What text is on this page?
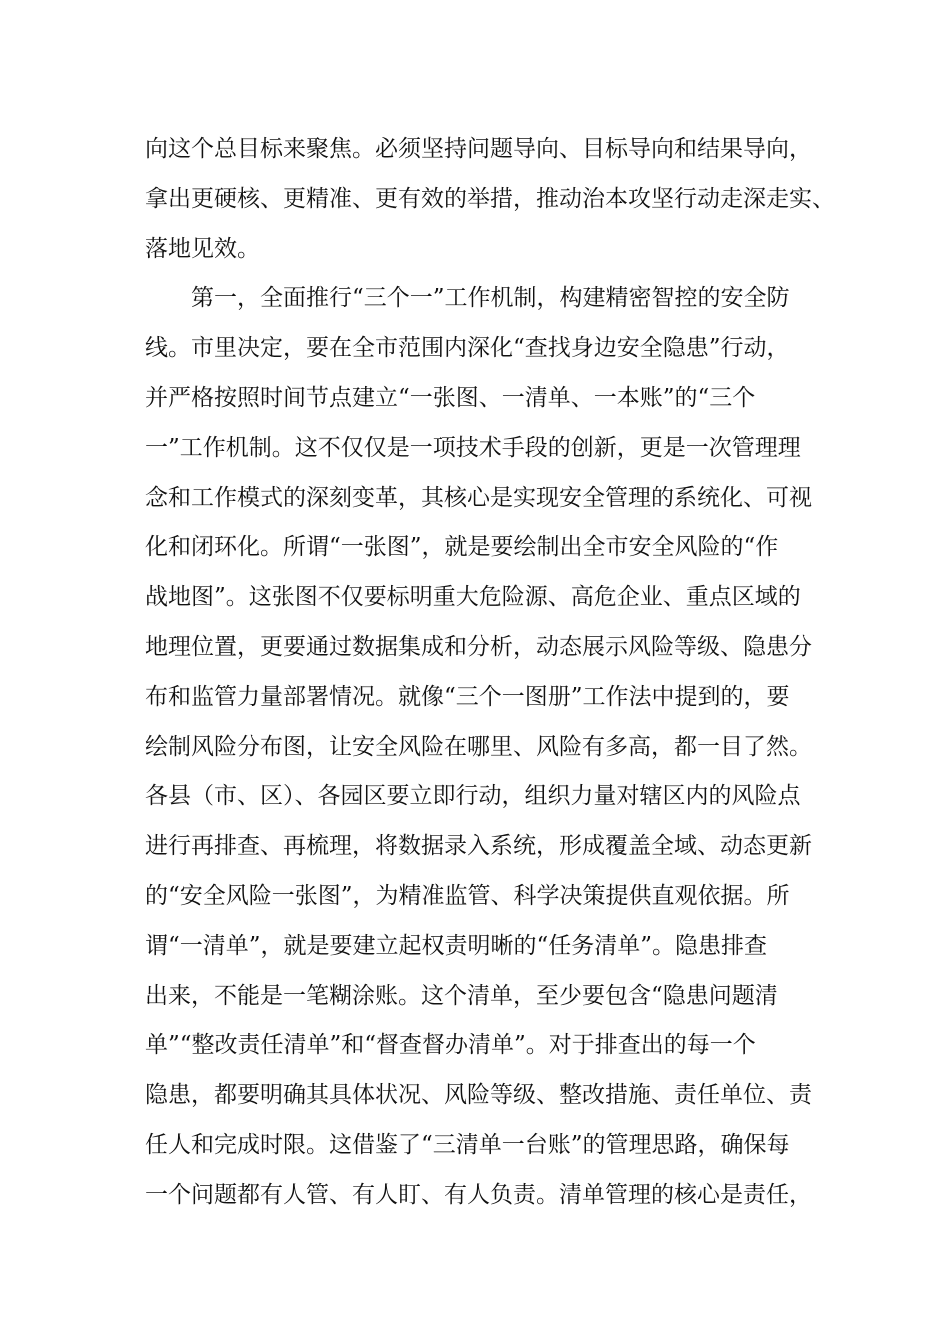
向这个总目标来聚焦。必须坚持问题导向、目标导向和结果导向，
拿出更硬核、更精准、更有效的举措，推动治本攻坚行动走深走实、
落地见效。
第一，全面推行“三个一”工作机制，构建精密智控的安全防
线。市里决定，要在全市范围内深化“查找身边安全隐患”行动，
并严格按照时间节点建立“一张图、一清单、一本账”的“三个
一”工作机制。这不仅仅是一项技术手段的创新，更是一次管理理
念和工作模式的深刻变革，其核心是实现安全管理的系统化、可视
化和闭环化。所谓“一张图”，就是要绘制出全市安全风险的“作
战地图”。这张图不仅要标明重大危险源、高危企业、重点区域的
地理位置，更要通过数据集成和分析，动态展示风险等级、隐患分
布和监管力量部署情况。就像“三个一图册”工作法中提到的，要
绘制风险分布图，让安全风险在哪里、风险有多高，都一目了然。
各县（市、区）、各园区要立即行动，组织力量对辖区内的风险点
进行再排查、再梳理，将数据录入系统，形成覆盖全域、动态更新
的“安全风险一张图”，为精准监管、科学决策提供直观依据。所
谓“一清单”，就是要建立起权责明晰的“任务清单”。隐患排查
出来，不能是一笔糊涂账。这个清单，至少要包含“隐患问题清
单”“整改责任清单”和“督查督办清单”。对于排查出的每一个
隐患，都要明确其具体状况、风险等级、整改措施、责任单位、责
任人和完成时限。这借鉴了“三清单一台账”的管理思路，确保每
一个问题都有人管、有人盯、有人负责。清单管理的核心是责任，
